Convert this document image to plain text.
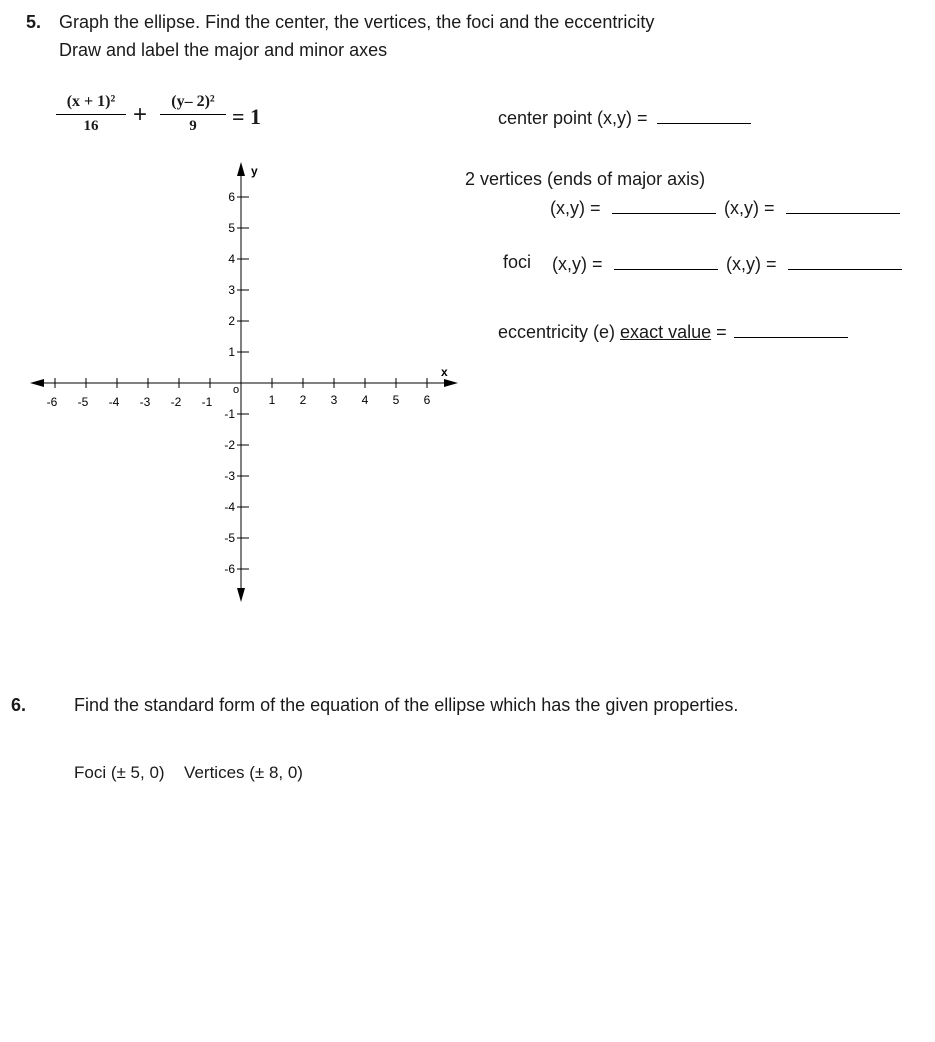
5. Graph the ellipse. Find the center, the vertices, the foci and the eccentricity
Draw and label the major and minor axes
$\frac{\text{(x + 1)²}}{16} + \frac{\text{(y– 2)²}}{9} = 1$	center point (x,y) =
2 vertices (ends of major axis)
(x,y) =	(x,y) =
foci (x,y) =	(x,y) =
eccentricity (e) exact value =
-6 -5 -4 -3 -2 -1	1 2 3 4 5 6
6
5
4
3
2
1
-1
-2
-3
-4
-5
-6
x
y
o
6.	Find the standard form of the equation of the ellipse which has the given properties.
Foci (± 5, 0) Vertices (± 8, 0)
